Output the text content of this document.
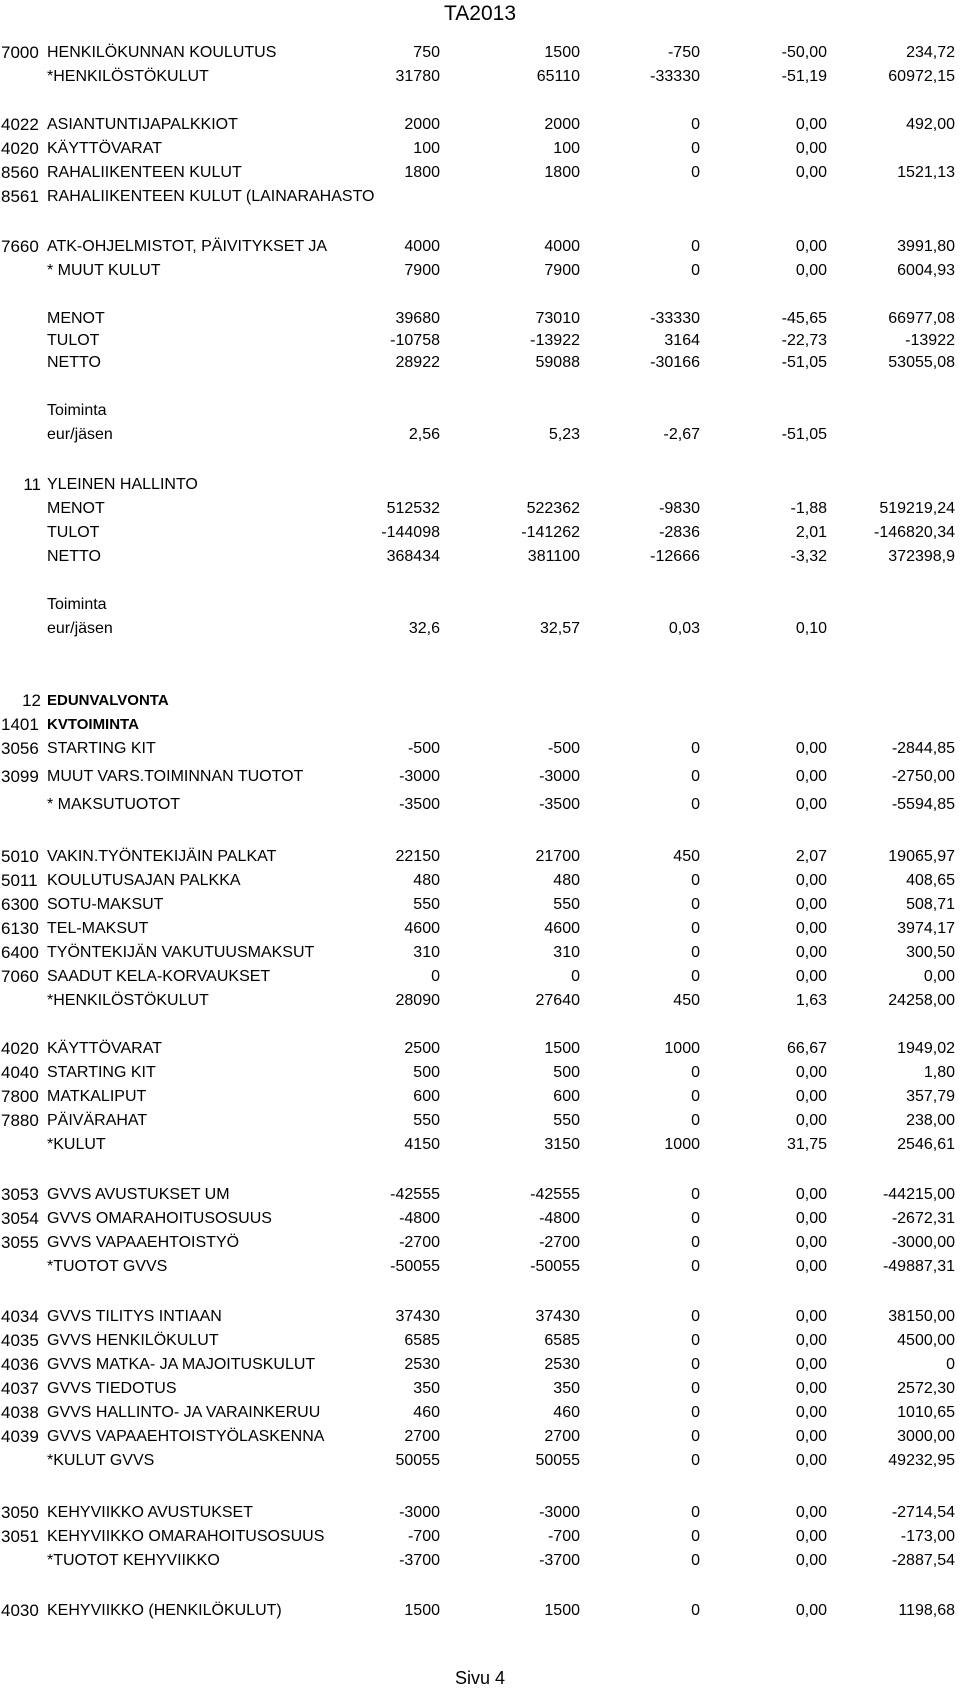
TA2013
7000 HENKILÖKUNNAN KOULUTUS	750	1500	-750	-50,00	234,72
*HENKILÖSTÖKULUT	31780	65110	-33330	-51,19	60972,15
4022 ASIANTUNTIJAPALKKIOT	2000	2000	0	0,00	492,00
4020 KÄYTTÖVARAT	100	100	0	0,00
8560 RAHALIIKENTEEN KULUT	1800	1800	0	0,00	1521,13
8561 RAHALIIKENTEEN KULUT (LAINARAHASTO
7660 ATK-OHJELMISTOT, PÄIVITYKSET JA	4000	4000	0	0,00	3991,80
* MUUT KULUT	7900	7900	0	0,00	6004,93
MENOT	39680	73010	-33330	-45,65	66977,08
TULOT	-10758	-13922	3164	-22,73	-13922
NETTO	28922	59088	-30166	-51,05	53055,08
Toiminta
eur/jäsen	2,56	5,23	-2,67	-51,05
11 YLEINEN HALLINTO
MENOT	512532	522362	-9830	-1,88	519219,24
TULOT	-144098	-141262	-2836	2,01	-146820,34
NETTO	368434	381100	-12666	-3,32	372398,9
Toiminta
eur/jäsen	32,6	32,57	0,03	0,10
12 EDUNVALVONTA
1401 KVTOIMINTA
3056 STARTING KIT	-500	-500	0	0,00	-2844,85
3099 MUUT VARS.TOIMINNAN TUOTOT	-3000	-3000	0	0,00	-2750,00
* MAKSUTUOTOT	-3500	-3500	0	0,00	-5594,85
5010 VAKIN.TYÖNTEKIJÄIN PALKAT	22150	21700	450	2,07	19065,97
5011 KOULUTUSAJAN PALKKA	480	480	0	0,00	408,65
6300 SOTU-MAKSUT	550	550	0	0,00	508,71
6130 TEL-MAKSUT	4600	4600	0	0,00	3974,17
6400 TYÖNTEKIJÄN VAKUTUUSMAKSUT	310	310	0	0,00	300,50
7060 SAADUT KELA-KORVAUKSET	0	0	0	0,00	0,00
*HENKILÖSTÖKULUT	28090	27640	450	1,63	24258,00
4020 KÄYTTÖVARAT	2500	1500	1000	66,67	1949,02
4040 STARTING KIT	500	500	0	0,00	1,80
7800 MATKALIPUT	600	600	0	0,00	357,79
7880 PÄIVÄRAHAT	550	550	0	0,00	238,00
*KULUT	4150	3150	1000	31,75	2546,61
3053 GVVS AVUSTUKSET UM	-42555	-42555	0	0,00	-44215,00
3054 GVVS OMARAHOITUSOSUUS	-4800	-4800	0	0,00	-2672,31
3055 GVVS VAPAAEHTOISTYÖ	-2700	-2700	0	0,00	-3000,00
*TUOTOT GVVS	-50055	-50055	0	0,00	-49887,31
4034 GVVS TILITYS INTIAAN	37430	37430	0	0,00	38150,00
4035 GVVS HENKILÖKULUT	6585	6585	0	0,00	4500,00
4036 GVVS MATKA- JA MAJOITUSKULUT	2530	2530	0	0,00	0
4037 GVVS TIEDOTUS	350	350	0	0,00	2572,30
4038 GVVS HALLINTO- JA VARAINKERUU	460	460	0	0,00	1010,65
4039 GVVS VAPAAEHTOISTYÖLASKENNA	2700	2700	0	0,00	3000,00
*KULUT GVVS	50055	50055	0	0,00	49232,95
3050 KEHYVIIKKO AVUSTUKSET	-3000	-3000	0	0,00	-2714,54
3051 KEHYVIIKKO OMARAHOITUSOSUUS	-700	-700	0	0,00	-173,00
*TUOTOT KEHYVIIKKO	-3700	-3700	0	0,00	-2887,54
4030 KEHYVIIKKO (HENKILÖKULUT)	1500	1500	0	0,00	1198,68
Sivu 4
